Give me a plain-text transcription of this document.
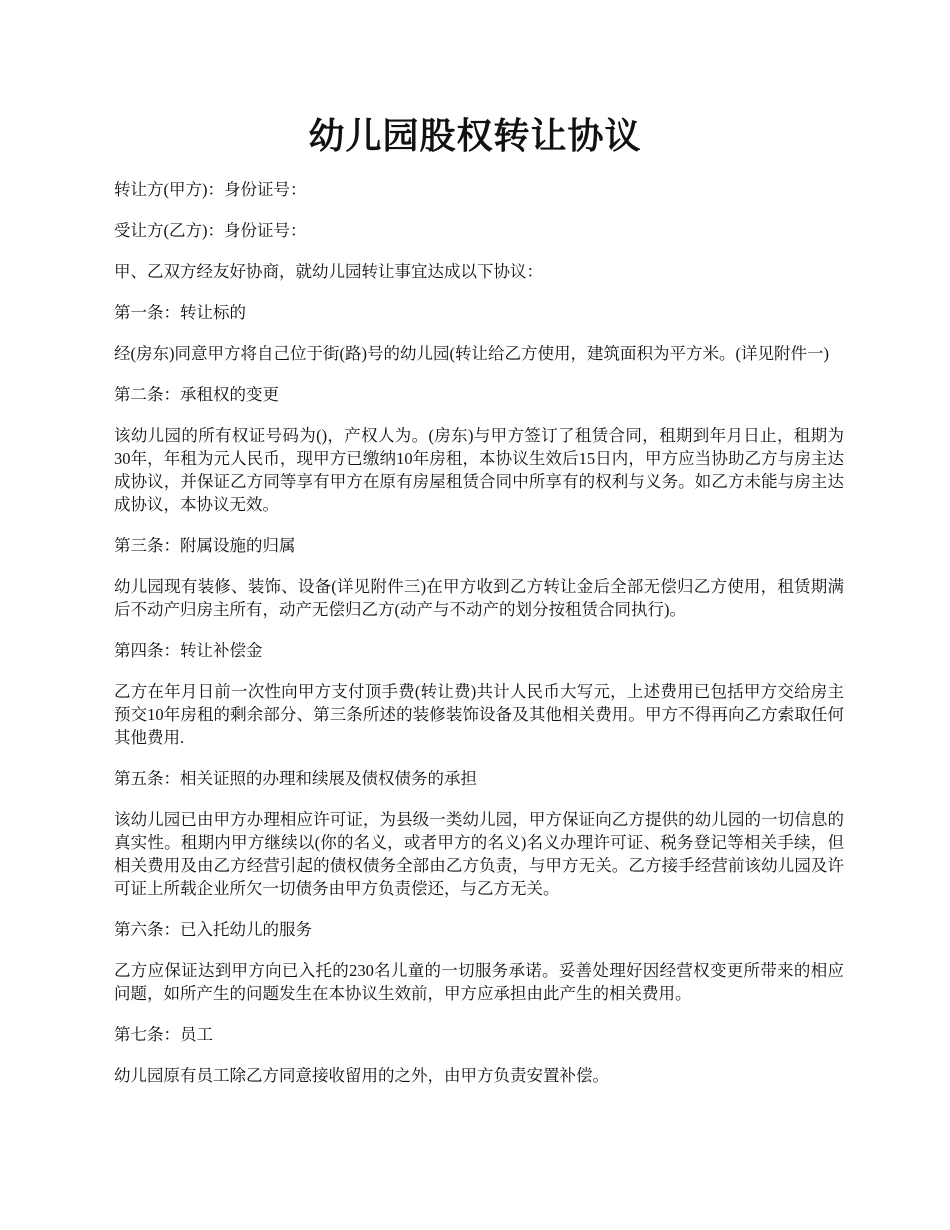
幼儿园股权转让协议

转让方(甲方)：身份证号：

受让方(乙方)：身份证号：

甲、乙双方经友好协商，就幼儿园转让事宜达成以下协议：

第一条：转让标的

经(房东)同意甲方将自己位于街(路)号的幼儿园(转让给乙方使用，建筑面积为平方米。(详见附件一)

第二条：承租权的变更

该幼儿园的所有权证号码为()，产权人为。(房东)与甲方签订了租赁合同，租期到年月日止，租期为30年，年租为元人民币，现甲方已缴纳10年房租，本协议生效后15日内，甲方应当协助乙方与房主达成协议，并保证乙方同等享有甲方在原有房屋租赁合同中所享有的权利与义务。如乙方未能与房主达成协议，本协议无效。

第三条：附属设施的归属

幼儿园现有装修、装饰、设备(详见附件三)在甲方收到乙方转让金后全部无偿归乙方使用，租赁期满后不动产归房主所有，动产无偿归乙方(动产与不动产的划分按租赁合同执行)。

第四条：转让补偿金

乙方在年月日前一次性向甲方支付顶手费(转让费)共计人民币大写元，上述费用已包括甲方交给房主预交10年房租的剩余部分、第三条所述的装修装饰设备及其他相关费用。甲方不得再向乙方索取任何其他费用.

第五条：相关证照的办理和续展及债权债务的承担

该幼儿园已由甲方办理相应许可证，为县级一类幼儿园，甲方保证向乙方提供的幼儿园的一切信息的真实性。租期内甲方继续以(你的名义，或者甲方的名义)名义办理许可证、税务登记等相关手续，但相关费用及由乙方经营引起的债权债务全部由乙方负责，与甲方无关。乙方接手经营前该幼儿园及许可证上所载企业所欠一切债务由甲方负责偿还，与乙方无关。

第六条：已入托幼儿的服务

乙方应保证达到甲方向已入托的230名儿童的一切服务承诺。妥善处理好因经营权变更所带来的相应问题，如所产生的问题发生在本协议生效前，甲方应承担由此产生的相关费用。

第七条：员工

幼儿园原有员工除乙方同意接收留用的之外，由甲方负责安置补偿。
